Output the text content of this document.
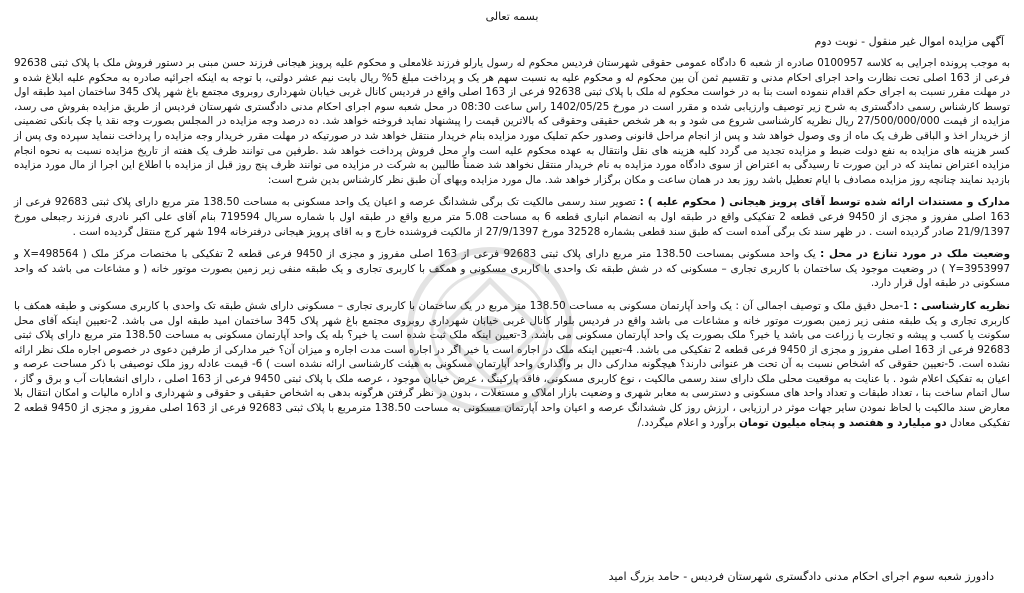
بسمه تعالی
آگهی مزایده اموال غیر منقول - نوبت دوم

به موجب پرونده اجرایی به کلاسه 0100957 صادره از شعبه 6 دادگاه عمومی حقوقی شهرستان فردیس محکوم له رسول یارلو فرزند غلامعلی و محکوم علیه پرویز هیجانی فرزند حسن مبنی بر دستور فروش ملک با پلاک ثبتی 92638 فرعی از 163 اصلی تحت نظارت واحد اجرای احکام مدنی و تقسیم ثمن آن بین محکوم له و محکوم علیه به نسبت سهم هر یک و پرداخت مبلغ 5% ریال بابت نیم عشر دولتی، با توجه به اینکه اجرائیه صادره به محکوم علیه ابلاغ شده و در مهلت مقرر نسبت به اجرای حکم اقدام ننموده است بنا به در خواست محکوم له ملک با پلاک ثبتی 92638 فرعی از 163 اصلی واقع در فردیس کانال غربی خیابان شهرداری روبروی مجتمع باغ شهر پلاک 345 ساختمان امید طبقه اول توسط کارشناس رسمی دادگستری به شرح زیر توصیف وارزیابی شده و مقرر است در مورخ 1402/05/25 راس ساعت 08:30 در محل شعبه سوم اجرای احکام مدنی دادگستری شهرستان فردیس از طریق مزایده بفروش می رسد، مزایده از قیمت 27/500/000/000 ریال نظریه کارشناسی شروع می شود و به هر شخص حقیقی وحقوقی که بالاترین قیمت را پیشنهاد نماید فروخته خواهد شد. ده درصد وجه مزایده در المجلس بصورت وجه نقد یا چک بانکی تضمینی از خریدار اخذ و الباقی ظرف یک ماه از وی وصول خواهد شد و پس از انجام مراحل قانونی وصدور حکم تملیک مورد مزایده بنام خریدار منتقل خواهد شد در صورتیکه در مهلت مقرر خریدار وجه مزایده را پرداخت ننماید سپرده وی پس از کسر هزینه های مزایده به نفع دولت ضبط و مزایده تجدید می گردد کلیه هزینه های نقل وانتقال به عهده محکوم علیه است وار محل فروش پرداخت خواهد شد .طرفین می توانند ظرف یک هفته از تاریخ مزایده نسبت به نحوه انجام مزایده اعتراض نمایند که در این صورت تا رسیدگی به اعتراض از سوی دادگاه مورد مزایده به نام خریدار منتقل نخواهد شد ضمناً طالبین به شرکت در مزایده می توانند ظرف پنج روز قبل از مزایده با اطلاع این اجرا از مال مورد مزایده بازدید نمایند چنانچه روز مزایده مصادف با ایام تعطیل باشد روز بعد در همان ساعت و مکان برگزار خواهد شد. مال مورد مزایده وبهای آن طبق نظر کارشناس بدین شرح است:

مدارک و مستندات ارائه شده توسط آقای پرویز هیجانی ( محکوم علیه ) : تصویر سند رسمی مالکیت تک برگی ششدانگ عرصه و اعیان یک واحد مسکونی به مساحت 138.50 متر مربع دارای پلاک ثبتی 92683 فرعی از 163 اصلی مفروز و مجزی از 9450 فرعی قطعه 2 تفکیکی واقع در طبقه اول به انضمام انباری قطعه 6 به مساحت 5.08 متر مربع واقع در طبقه اول با شماره سریال 719594 بنام آقای علی اکبر نادری فرزند رجبعلی مورخ 21/9/1397 صادر گردیده است . در ظهر سند تک برگی آمده است که طبق سند قطعی بشماره 32528 مورخ 27/9/1397 از مالکیت فروشنده خارج و به اقای پرویز هیجانی درفترخانه 194 شهر کرج منتقل گردیده است .

وضعیت ملک در مورد تنازع در محل : یک واحد مسکونی بمساحت 138.50 متر مربع دارای پلاک ثبتی 92683 فرعی از 163 اصلی مفروز و مجزی از 9450 فرعی قطعه 2 تفکیکی با مختصات مرکز ملک ( X=498564 و Y=3953997 ) در وضعیت موجود یک ساختمان با کاربری تجاری – مسکونی که در شش طبقه تک واحدی با کاربری مسکونی و همکف با کاربری تجاری و یک طبقه منفی زیر زمین بصورت موتور خانه ( و مشاعات می باشد که واحد مسکونی در طبقه اول قرار دارد.

نظریه کارشناسی : 1-محل دقیق ملک و توصیف اجمالی آن : یک واحد آپارتمان مسکونی به مساحت 138.50 متر مربع در یک ساختمان با کاربری تجاری – مسکونی دارای شش طبقه تک واحدی با کاربری مسکونی و طبقه همکف با کاربری تجاری و یک طبقه منفی زیر زمین بصورت موتور خانه و مشاعات می باشد واقع در فردیس بلوار کانال غربی خیابان شهرداری روبروی مجتمع باغ شهر پلاک 345 ساختمان امید طبقه اول می باشد. 2-تعیین اینکه آقای محل سکونت یا کسب و پیشه و تجارت یا زراعت می باشد یا خیر؟ ملک بصورت یک واحد آپارتمان مسکونی می باشد. 3-تعیین اینکه ملک ثبت شده است یا خیر؟ بله یک واحد آپارتمان مسکونی به مساحت 138.50 متر مربع دارای پلاک ثبتی 92683 فرعی از 163 اصلی مفروز و مجزی از 9450 فرعی قطعه 2 تفکیکی می باشد. 4-تعیین اینکه ملک در اجاره است یا خیر اگر در اجاره است مدت اجاره و میزان آن؟ خیر مدارکی از طرفین دعوی در خصوص اجاره ملک نظر ارائه نشده است. 5-تعیین حقوقی که اشخاص نسبت به آن تحت هر عنوانی دارند؟ هیچگونه مدارکی دال بر واگذاری واحد آپارتمان مسکونی به هیئت کارشناسی ارائه نشده است ) 6- قیمت عادله روز ملک توصیفی با ذکر مساحت عرصه و اعیان به تفکیک اعلام شود . با عنایت به موقعیت محلی ملک دارای سند رسمی مالکیت ، نوع کاربری مسکونی، فاقد پارکینگ ، عرض خیابان موجود ، عرصه ملک با پلاک ثبتی 9450 فرعی از 163 اصلی ، دارای انشعابات آب و برق و گاز ، سال اتمام ساخت بنا ، تعداد طبقات و تعداد واحد های مسکونی و دسترسی به معابر شهری و وضعیت بازار املاک و مستغلات ، بدون در نظر گرفتن هرگونه بدهی به اشخاص حقیقی و حقوقی و شهرداری و اداره مالیات و امکان انتقال بلا معارض سند مالکیت با لحاظ نمودن سایر جهات موثر در ارزیابی ، ارزش روز کل ششدانگ عرصه و اعیان واحد آپارتمان مسکونی به مساحت 138.50 مترمربع با پلاک ثبتی 92683 فرعی از 163 اصلی مفروز و مجزی از 9450 قطعه 2 تفکیکی معادل دو میلیارد و هفتصد و پنجاه میلیون تومان برآورد و اعلام میگردد./

دادورز شعبه سوم اجرای احکام مدنی دادگستری شهرستان فردیس - حامد بزرگ امید
